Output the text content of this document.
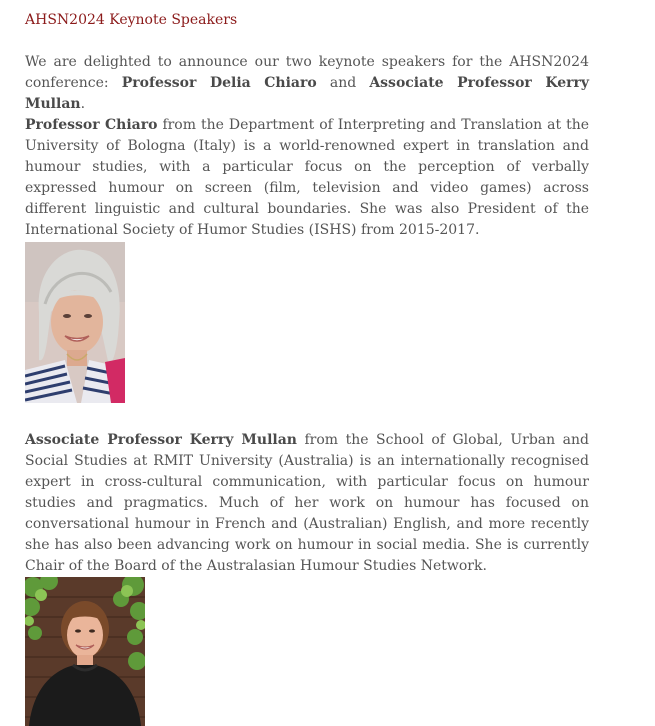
AHSN2024 Keynote Speakers
We are delighted to announce our two keynote speakers for the AHSN2024 conference: Professor Delia Chiaro and Associate Professor Kerry Mullan.
Professor Chiaro from the Department of Interpreting and Translation at the University of Bologna (Italy) is a world-renowned expert in translation and humour studies, with a particular focus on the perception of verbally expressed humour on screen (film, television and video games) across different linguistic and cultural boundaries. She was also President of the International Society of Humor Studies (ISHS) from 2015-2017.
Associate Professor Kerry Mullan from the School of Global, Urban and Social Studies at RMIT University (Australia) is an internationally recognised expert in cross-cultural communication, with particular focus on humour studies and pragmatics. Much of her work on humour has focused on conversational humour in French and (Australian) English, and more recently she has also been advancing work on humour in social media. She is currently Chair of the Board of the Australasian Humour Studies Network.
